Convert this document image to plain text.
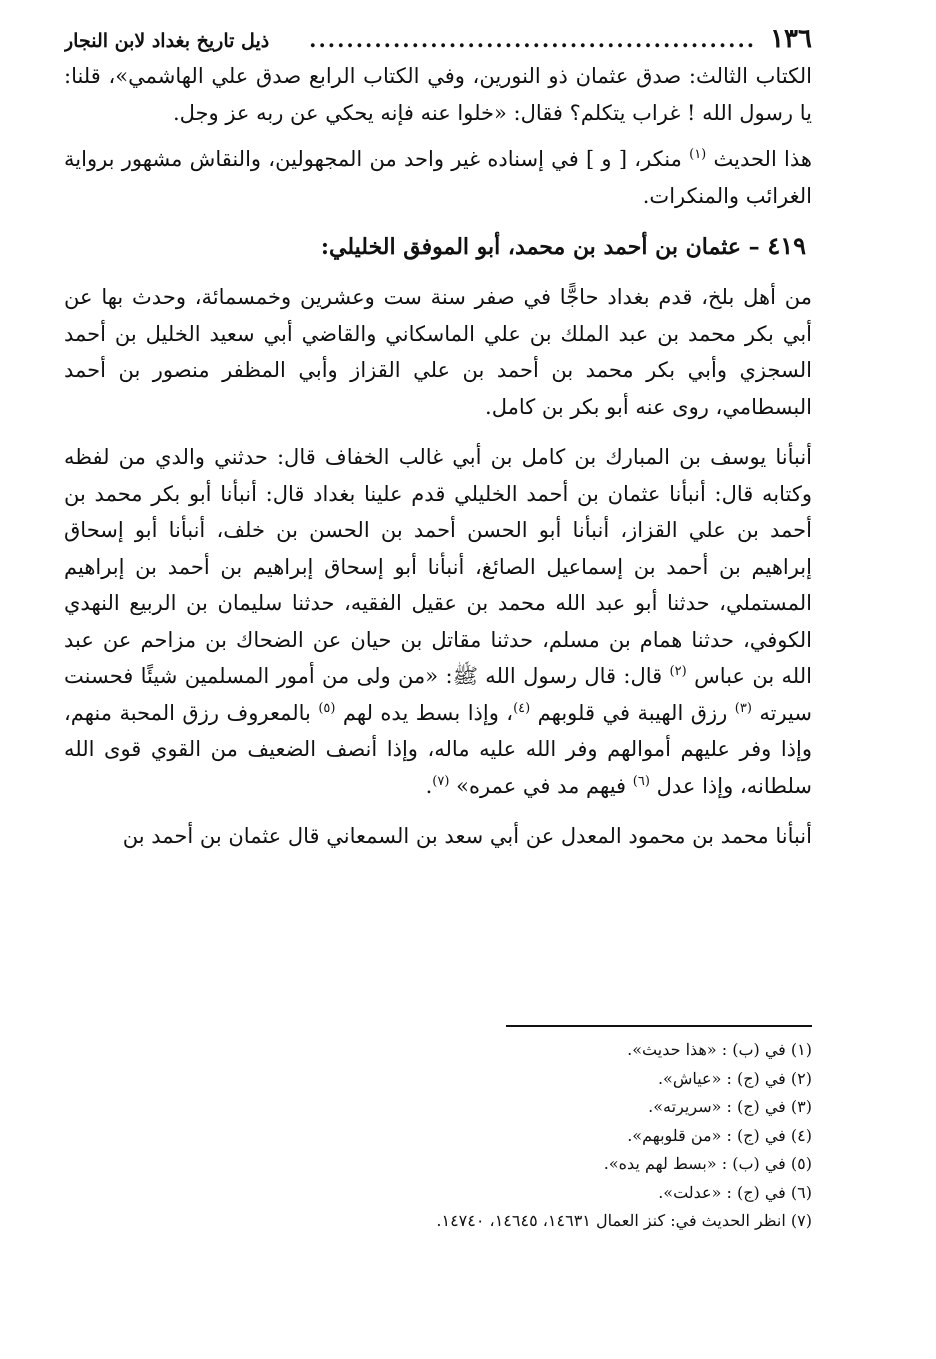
١٣٦
................................................
ذيل تاريخ بغداد لابن النجار

الكتاب الثالث: صدق عثمان ذو النورين، وفي الكتاب الرابع صدق علي الهاشمي»، قلنا: يا رسول الله ! غراب يتكلم؟ فقال: «خلوا عنه فإنه يحكي عن ربه عز وجل.

هذا الحديث $^{(١)}$ منكر، [ و ] في إسناده غير واحد من المجهولين، والنقاش مشهور برواية الغرائب والمنكرات.

٤١٩ – عثمان بن أحمد بن محمد، أبو الموفق الخليلي:

من أهل بلخ، قدم بغداد حاجًّا في صفر سنة ست وعشرين وخمسمائة، وحدث بها عن أبي بكر محمد بن عبد الملك بن علي الماسكاني والقاضي أبي سعيد الخليل بن أحمد السجزي وأبي بكر محمد بن أحمد بن علي القزاز وأبي المظفر منصور بن أحمد البسطامي، روى عنه أبو بكر بن كامل.

أنبأنا يوسف بن المبارك بن كامل بن أبي غالب الخفاف قال: حدثني والدي من لفظه وكتابه قال: أنبأنا عثمان بن أحمد الخليلي قدم علينا بغداد قال: أنبأنا أبو بكر محمد بن أحمد بن علي القزاز، أنبأنا أبو الحسن أحمد بن الحسن بن خلف، أنبأنا أبو إسحاق إبراهيم بن أحمد بن إسماعيل الصائغ، أنبأنا أبو إسحاق إبراهيم بن أحمد بن إبراهيم المستملي، حدثنا أبو عبد الله محمد بن عقيل الفقيه، حدثنا سليمان بن الربيع النهدي الكوفي، حدثنا همام بن مسلم، حدثنا مقاتل بن حيان عن الضحاك بن مزاحم عن عبد الله بن عباس $^{(٢)}$ قال: قال رسول الله ﷺ: «من ولى من أمور المسلمين شيئًا فحسنت سيرته $^{(٣)}$ رزق الهيبة في قلوبهم $^{(٤)}$، وإذا بسط يده لهم $^{(٥)}$ بالمعروف رزق المحبة منهم، وإذا وفر عليهم أموالهم وفر الله عليه ماله، وإذا أنصف الضعيف من القوي قوى الله سلطانه، وإذا عدل $^{(٦)}$ فيهم مد في عمره» $^{(٧)}$.

أنبأنا محمد بن محمود المعدل عن أبي سعد بن السمعاني قال عثمان بن أحمد بن

(١) في (ب) : «هذا حديث».
(٢) في (ج) : «عياش».
(٣) في (ج) : «سريرته».
(٤) في (ج) : «من قلوبهم».
(٥) في (ب) : «بسط لهم يده».
(٦) في (ج) : «عدلت».
(٧) انظر الحديث في: كنز العمال ١٤٦٣١، ١٤٦٤٥، ١٤٧٤٠.
